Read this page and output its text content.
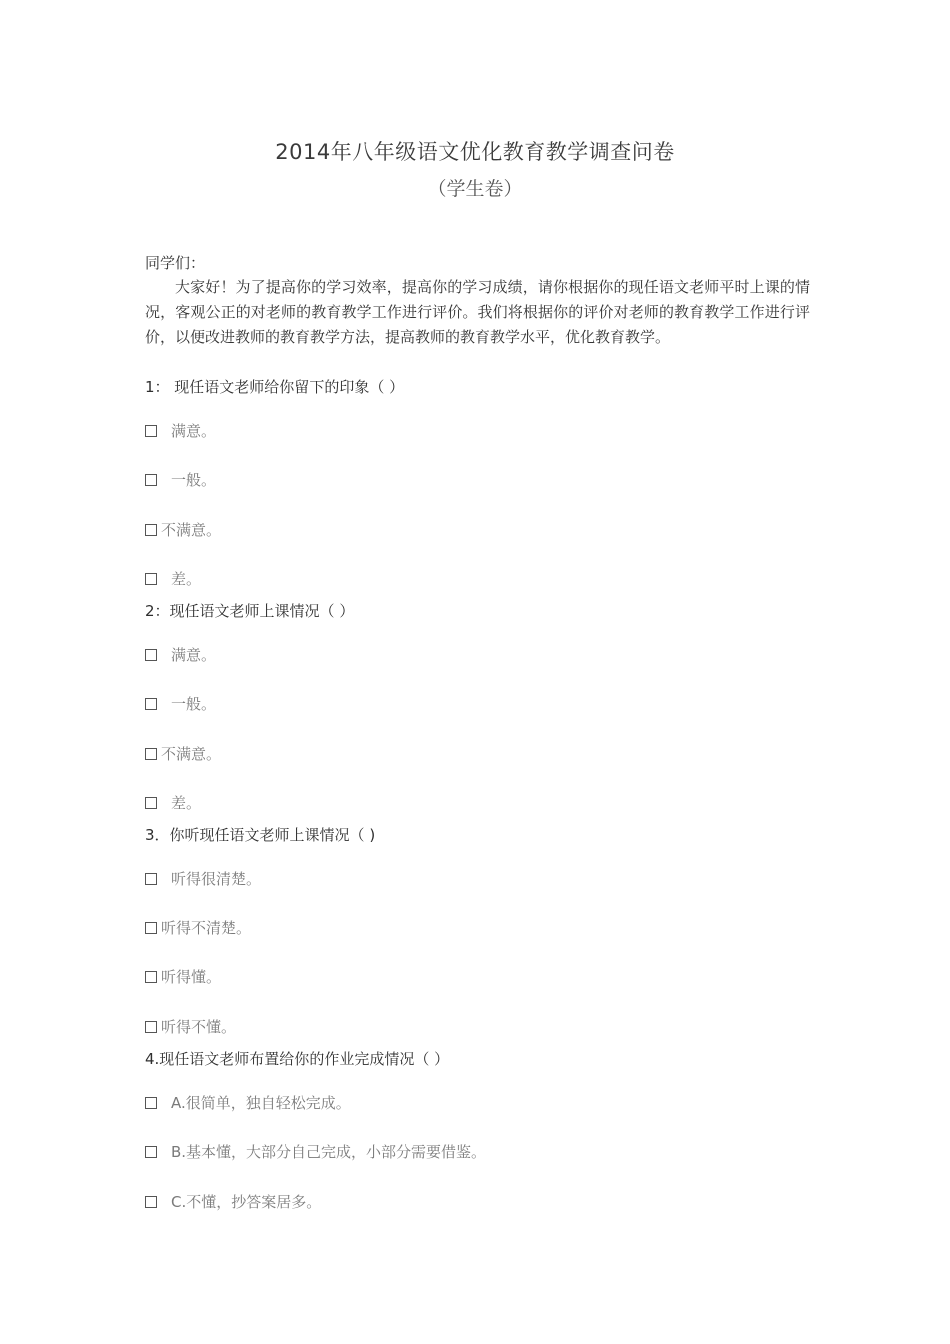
2014年八年级语文优化教育教学调查问卷
（学生卷）
同学们：
大家好！为了提高你的学习效率，提高你的学习成绩，请你根据你的现任语文老师平时上课的情况，客观公正的对老师的教育教学工作进行评价。我们将根据你的评价对老师的教育教学工作进行评价，以便改进教师的教育教学方法，提高教师的教育教学水平，优化教育教学。
1： 现任语文老师给你留下的印象（ ）
满意。
一般。
不满意。
差。
2：现任语文老师上课情况（ ）
满意。
一般。
不满意。
差。
3．你听现任语文老师上课情况（ )
听得很清楚。
听得不清楚。
听得懂。
听得不懂。
4.现任语文老师布置给你的作业完成情况（ ）
A.很简单，独自轻松完成。
B.基本懂，大部分自己完成，小部分需要借鉴。
C.不懂，抄答案居多。
